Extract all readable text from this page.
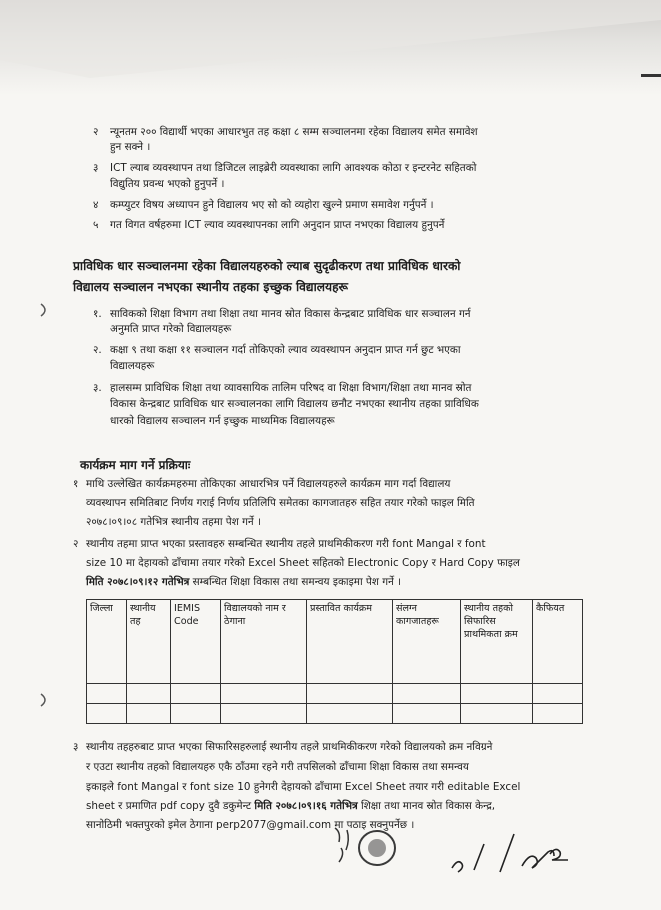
२ न्यूनतम २०० विद्यार्थी भएका आधारभुत तह कक्षा ८ सम्म सञ्चालनमा रहेका विद्यालय समेत समावेश
हुन सक्ने ।
३ ICT ल्याब व्यवस्थापन तथा डिजिटल लाइब्रेरी व्यवस्थाका लागि आवश्यक कोठा र इन्टरनेट सहितको
विद्युतिय प्रवन्ध भएको हुनुपर्ने ।
४ कम्प्युटर विषय अध्यापन हुने विद्यालय भए सो को व्यहोरा खुल्ने प्रमाण समावेश गर्नुपर्ने ।
५ गत विगत वर्षहरुमा ICT ल्याव व्यवस्थापनका लागि अनुदान प्राप्त नभएका विद्यालय हुनुपर्ने
प्राविधिक धार सञ्चालनमा रहेका विद्यालयहरुको ल्याब सुदृढीकरण तथा प्राविधिक धारको
विद्यालय सञ्चालन नभएका स्थानीय तहका इच्छुक विद्यालयहरू
१. साविकको शिक्षा विभाग तथा शिक्षा तथा मानव स्रोत विकास केन्द्रबाट प्राविधिक धार सञ्चालन गर्न
अनुमति प्राप्त गरेको विद्यालयहरू
२. कक्षा ९ तथा कक्षा ११ सञ्चालन गर्दा तोकिएको ल्याव व्यवस्थापन अनुदान प्राप्त गर्न छुट भएका
विद्यालयहरू
३. हालसम्म प्राविधिक शिक्षा तथा व्यावसायिक तालिम परिषद वा शिक्षा विभाग/शिक्षा तथा मानव स्रोत
विकास केन्द्रबाट प्राविधिक धार सञ्चालनका लागि विद्यालय छनौट नभएका स्थानीय तहका प्राविधिक
धारको विद्यालय सञ्चालन गर्न इच्छुक माध्यमिक विद्यालयहरू
कार्यक्रम माग गर्ने प्रक्रियाः
१ माथि उल्लेखित कार्यक्रमहरुमा तोकिएका आधारभित्र पर्ने विद्यालयहरुले कार्यक्रम माग गर्दा विद्यालय
व्यवस्थापन समितिबाट निर्णय गराई निर्णय प्रतिलिपि समेतका कागजातहरु सहित तयार गरेको फाइल मिति
२०७८।०९।०८ गतेभित्र स्थानीय तहमा पेश गर्ने ।
२ स्थानीय तहमा प्राप्त भएका प्रस्तावहरु सम्बन्धित स्थानीय तहले प्राथमिकीकरण गरी font Mangal र font
size 10 मा देहायको ढाँचामा तयार गरेको Excel Sheet सहितको Electronic Copy र Hard Copy फाइल
मिति २०७८।०९।१२ गतेभित्र सम्बन्धित शिक्षा विकास तथा समन्वय इकाइमा पेश गर्ने ।
जिल्ला	स्थानीय तह	IEMIS Code	विद्यालयको नाम र ठेगाना	प्रस्तावित कार्यक्रम	संलग्न कागजातहरू	स्थानीय तहको सिफारिस प्राथमिकता क्रम	कैफियत

३ स्थानीय तहहरुबाट प्राप्त भएका सिफारिसहरुलाई स्थानीय तहले प्राथमिकीकरण गरेको विद्यालयको क्रम नविग्रने
र एउटा स्थानीय तहको विद्यालयहरु एकै ठाँउमा रहने गरी तपसिलको ढाँचामा शिक्षा विकास तथा समन्वय
इकाइले font Mangal र font size 10 हुनेगरी देहायको ढाँचामा Excel Sheet तयार गरी editable Excel
sheet र प्रमाणित pdf copy दुवै डकुमेन्ट मिति २०७८।०९।१६ गतेभित्र शिक्षा तथा मानव स्रोत विकास केन्द्र,
सानोठिमी भक्तपुरको इमेल ठेगाना perp2077@gmail.com मा पठाइ सक्नुपर्नेछ ।
